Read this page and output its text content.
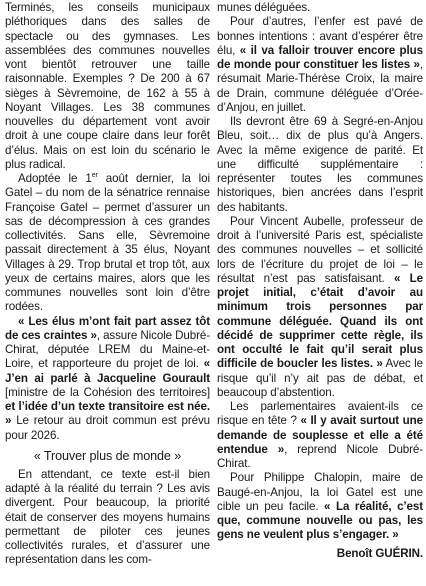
Terminés, les conseils municipaux pléthoriques dans des salles de spectacle ou des gymnases. Les assemblées des communes nouvelles vont bientôt retrouver une taille raisonnable. Exemples ? De 200 à 67 sièges à Sèvremoine, de 162 à 55 à Noyant Villages. Les 38 communes nouvelles du département vont avoir droit à une coupe claire dans leur forêt d’élus. Mais on est loin du scénario le plus radical.

Adoptée le 1er août dernier, la loi Gatel – du nom de la sénatrice rennaise Françoise Gatel – permet d’assurer un sas de décompression à ces grandes collectivités. Sans elle, Sèvremoine passait directement à 35 élus, Noyant Villages à 29. Trop brutal et trop tôt, aux yeux de certains maires, alors que les communes nouvelles sont loin d’être rodées.

« Les élus m’ont fait part assez tôt de ces craintes », assure Nicole Dubré-Chirat, députée LREM du Maine-et-Loire, et rapporteure du projet de loi. « J’en ai parlé à Jacqueline Gourault [ministre de la Cohésion des territoires] et l’idée d’un texte transitoire est née. » Le retour au droit commun est prévu pour 2026.

« Trouver plus de monde »

En attendant, ce texte est-il bien adapté à la réalité du terrain ? Les avis divergent. Pour beaucoup, la priorité était de conserver des moyens humains permettant de piloter ces jeunes collectivités rurales, et d’assurer une représentation dans les com-

munes déléguées.

Pour d’autres, l’enfer est pavé de bonnes intentions : avant d’espérer être élu, « il va falloir trouver encore plus de monde pour constituer les listes », résumait Marie-Thérèse Croix, la maire de Drain, commune déléguée d’Orée-d’Anjou, en juillet.

Ils devront être 69 à Segré-en-Anjou Bleu, soit… dix de plus qu’à Angers. Avec la même exigence de parité. Et une difficulté supplémentaire : représenter toutes les communes historiques, bien ancrées dans l’esprit des habitants.

Pour Vincent Aubelle, professeur de droit à l’université Paris est, spécialiste des communes nouvelles – et sollicité lors de l’écriture du projet de loi – le résultat n’est pas satisfaisant. « Le projet initial, c’était d’avoir au minimum trois personnes par commune déléguée. Quand ils ont décidé de supprimer cette règle, ils ont occulté le fait qu’il serait plus difficile de boucler les listes. » Avec le risque qu’il n’y ait pas de débat, et beaucoup d’abstention.

Les parlementaires avaient-ils ce risque en tête ? « Il y avait surtout une demande de souplesse et elle a été entendue », reprend Nicole Dubré-Chirat.

Pour Philippe Chalopin, maire de Baugé-en-Anjou, la loi Gatel est une cible un peu facile. « La réalité, c’est que, commune nouvelle ou pas, les gens ne veulent plus s’engager. »

Benoît GUÉRIN.
